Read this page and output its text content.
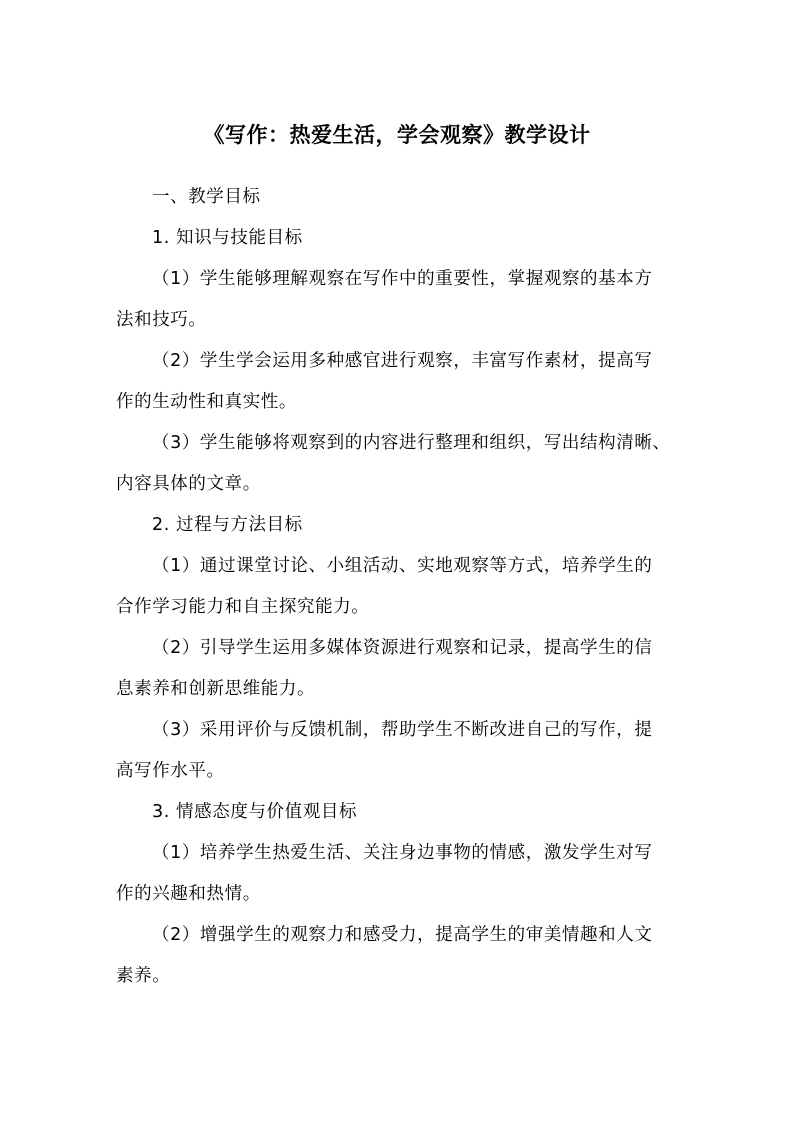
《写作：热爱生活，学会观察》教学设计
一、教学目标
1. 知识与技能目标
（1）学生能够理解观察在写作中的重要性，掌握观察的基本方
法和技巧。
（2）学生学会运用多种感官进行观察，丰富写作素材，提高写
作的生动性和真实性。
（3）学生能够将观察到的内容进行整理和组织，写出结构清晰、
内容具体的文章。
2. 过程与方法目标
（1）通过课堂讨论、小组活动、实地观察等方式，培养学生的
合作学习能力和自主探究能力。
（2）引导学生运用多媒体资源进行观察和记录，提高学生的信
息素养和创新思维能力。
（3）采用评价与反馈机制，帮助学生不断改进自己的写作，提
高写作水平。
3. 情感态度与价值观目标
（1）培养学生热爱生活、关注身边事物的情感，激发学生对写
作的兴趣和热情。
（2）增强学生的观察力和感受力，提高学生的审美情趣和人文
素养。
